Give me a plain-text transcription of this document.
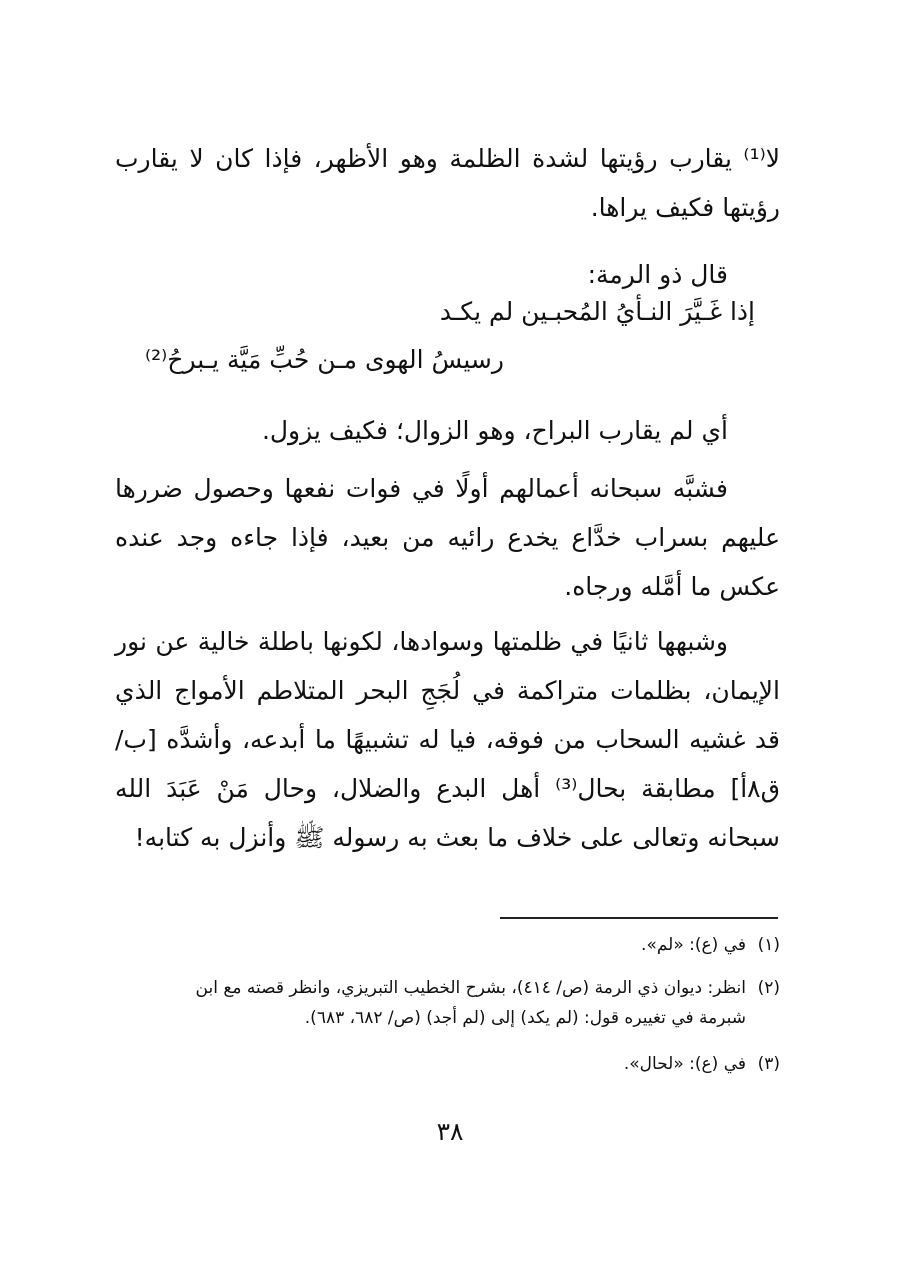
لا⁽¹⁾ يقارب رؤيتها لشدة الظلمة وهو الأظهر، فإذا كان لا يقارب رؤيتها فكيف يراها.

قال ذو الرمة:

إذا غَـيَّرَ النـأيُ المُحبـين لم يكـد
رسيسُ الهوى مـن حُبِّ مَيَّة يـبرحُ⁽²⁾

أي لم يقارب البراح، وهو الزوال؛ فكيف يزول.

فشبَّه سبحانه أعمالهم أولًا في فوات نفعها وحصول ضررها عليهم بسراب خدَّاع يخدع رائيه من بعيد، فإذا جاءه وجد عنده عكس ما أمَّله ورجاه.

وشبهها ثانيًا في ظلمتها وسوادها، لكونها باطلة خالية عن نور الإيمان، بظلمات متراكمة في لُجَجِ البحر المتلاطم الأمواج الذي قد غشيه السحاب من فوقه، فيا له تشبيهًا ما أبدعه، وأشدَّه [ب/ ق٨أ] مطابقة بحال⁽³⁾ أهل البدع والضلال، وحال مَنْ عَبَدَ الله سبحانه وتعالى على خلاف ما بعث به رسوله ﷺ وأنزل به كتابه!

(١)في (ع): «لم».
(٢)انظر: ديوان ذي الرمة (ص/ ٤١٤)، بشرح الخطيب التبريزي، وانظر قصته مع ابن
شبرمة في تغييره قول: (لم يكد) إلى (لم أجد) (ص/ ٦٨٢، ٦٨٣).
(٣)في (ع): «لحال».
٣٨
